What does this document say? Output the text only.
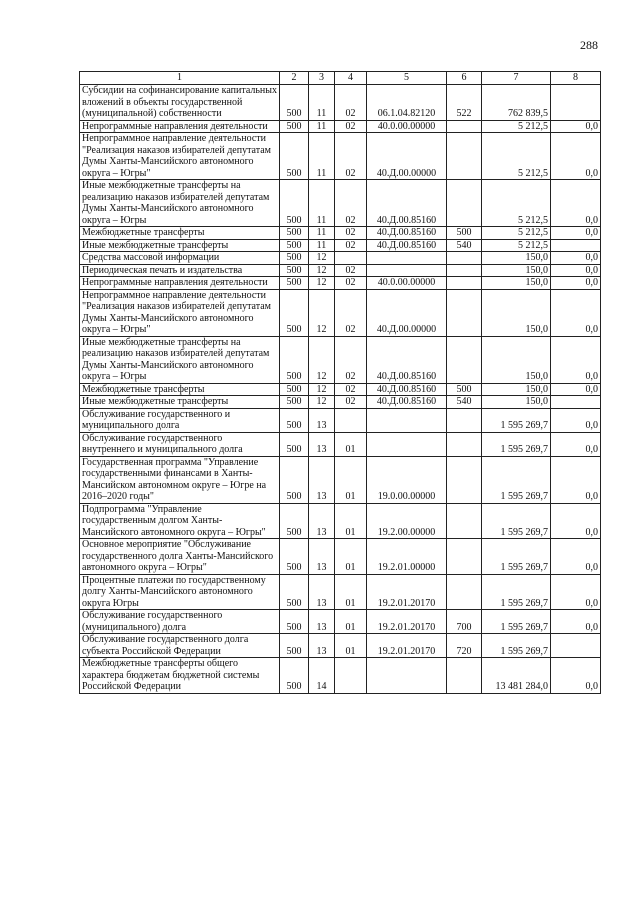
288
1	2	3	4	5	6	7	8
Субсидии на софинансирование капитальных вложений в объекты государственной (муниципальной) собственности	500	11	02	06.1.04.82120	522	762 839,5	
Непрограммные направления деятельности	500	11	02	40.0.00.00000		5 212,5	0,0
Непрограммное направление деятельности "Реализация наказов избирателей депутатам Думы Ханты-Мансийского автономного округа – Югры"	500	11	02	40.Д.00.00000		5 212,5	0,0
Иные межбюджетные трансферты на реализацию наказов избирателей депутатам Думы Ханты-Мансийского автономного округа – Югры	500	11	02	40.Д.00.85160		5 212,5	0,0
Межбюджетные трансферты	500	11	02	40.Д.00.85160	500	5 212,5	0,0
Иные межбюджетные трансферты	500	11	02	40.Д.00.85160	540	5 212,5	
Средства массовой информации	500	12				150,0	0,0
Периодическая печать и издательства	500	12	02			150,0	0,0
Непрограммные направления деятельности	500	12	02	40.0.00.00000		150,0	0,0
Непрограммное направление деятельности "Реализация наказов избирателей депутатам Думы Ханты-Мансийского автономного округа – Югры"	500	12	02	40.Д.00.00000		150,0	0,0
Иные межбюджетные трансферты на реализацию наказов избирателей депутатам Думы Ханты-Мансийского автономного округа – Югры	500	12	02	40.Д.00.85160		150,0	0,0
Межбюджетные трансферты	500	12	02	40.Д.00.85160	500	150,0	0,0
Иные межбюджетные трансферты	500	12	02	40.Д.00.85160	540	150,0	
Обслуживание государственного и муниципального долга	500	13				1 595 269,7	0,0
Обслуживание государственного внутреннего и муниципального долга	500	13	01			1 595 269,7	0,0
Государственная программа "Управление государственными финансами в Ханты-Мансийском автономном округе – Югре на 2016–2020 годы"	500	13	01	19.0.00.00000		1 595 269,7	0,0
Подпрограмма "Управление государственным долгом Ханты-Мансийского автономного округа – Югры"	500	13	01	19.2.00.00000		1 595 269,7	0,0
Основное мероприятие "Обслуживание государственного долга Ханты-Мансийского автономного округа – Югры"	500	13	01	19.2.01.00000		1 595 269,7	0,0
Процентные платежи по государственному долгу Ханты-Мансийского автономного округа Югры	500	13	01	19.2.01.20170		1 595 269,7	0,0
Обслуживание государственного (муниципального) долга	500	13	01	19.2.01.20170	700	1 595 269,7	0,0
Обслуживание государственного долга субъекта Российской Федерации	500	13	01	19.2.01.20170	720	1 595 269,7	
Межбюджетные трансферты общего характера бюджетам бюджетной системы Российской Федерации	500	14				13 481 284,0	0,0
